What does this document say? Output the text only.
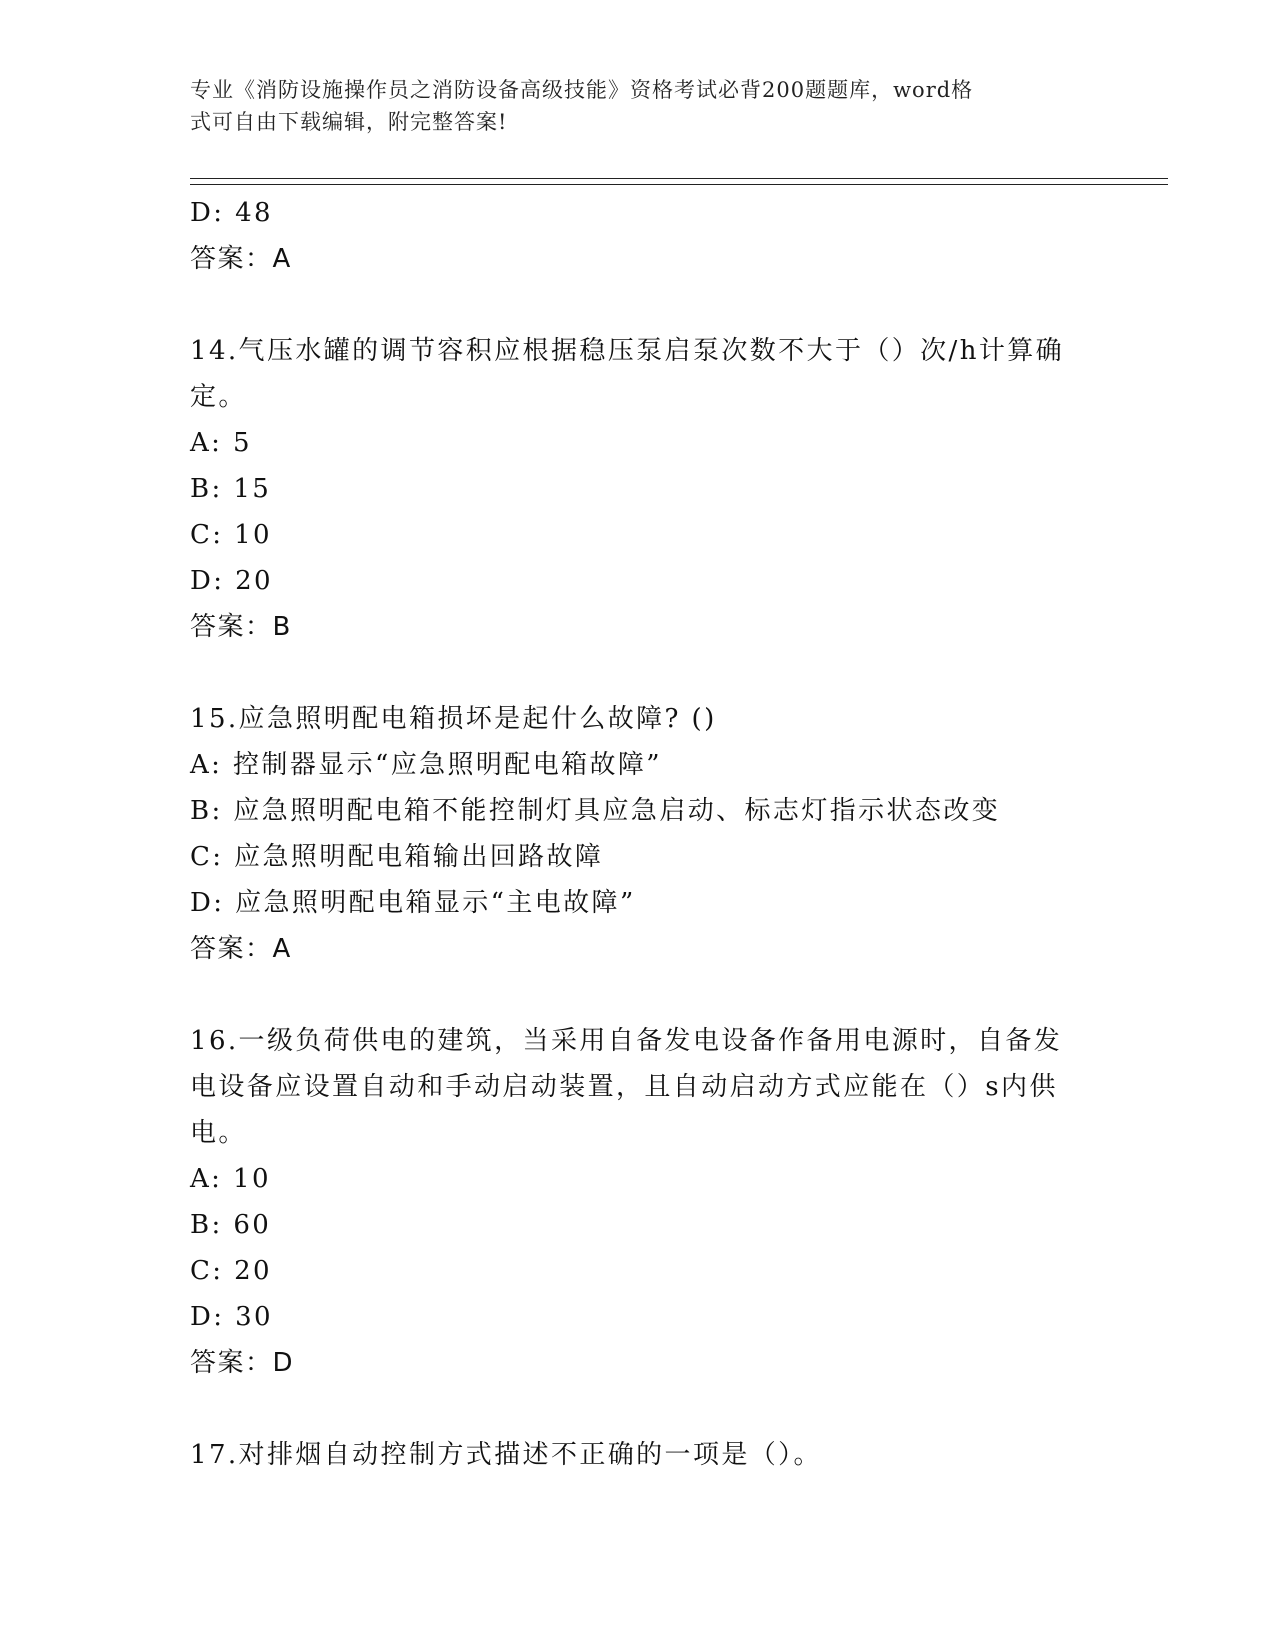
专业《消防设施操作员之消防设备高级技能》资格考试必背200题题库，word格
式可自由下载编辑，附完整答案!
D: 48
答案：A
14.气压水罐的调节容积应根据稳压泵启泵次数不大于（）次/h计算确
定。
A: 5
B: 15
C: 10
D: 20
答案：B
15.应急照明配电箱损坏是起什么故障? ()
A: 控制器显示“应急照明配电箱故障”
B: 应急照明配电箱不能控制灯具应急启动、标志灯指示状态改变
C: 应急照明配电箱输出回路故障
D: 应急照明配电箱显示“主电故障”
答案：A
16.一级负荷供电的建筑，当采用自备发电设备作备用电源时，自备发
电设备应设置自动和手动启动装置，且自动启动方式应能在（）s内供
电。
A: 10
B: 60
C: 20
D: 30
答案：D
17.对排烟自动控制方式描述不正确的一项是（）。
